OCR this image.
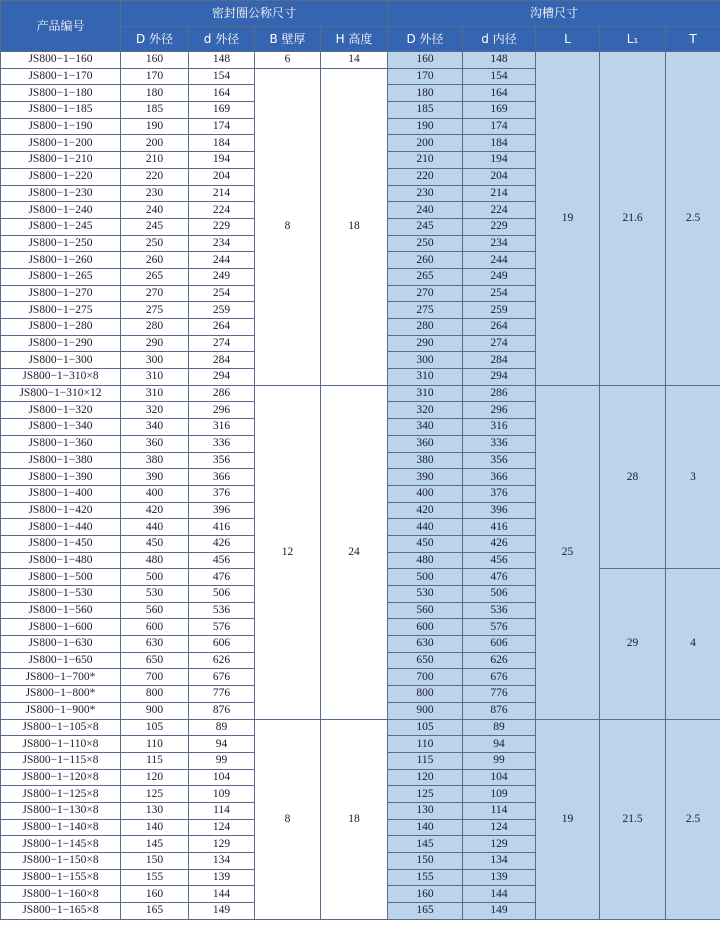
产品编号	密封圈公称尺寸				沟槽尺寸				
	D 外径	d 外径	B 壁厚	H 高度	D 外径	d 内径	L	L₁	T
JS800−1−160	160	148	6	14	160	148	19	21.6	2.5
JS800−1−170	170	154	8	18	170	154			
JS800−1−180	180	164			180	164			
JS800−1−185	185	169			185	169			
JS800−1−190	190	174			190	174			
JS800−1−200	200	184			200	184			
JS800−1−210	210	194			210	194			
JS800−1−220	220	204			220	204			
JS800−1−230	230	214			230	214			
JS800−1−240	240	224			240	224			
JS800−1−245	245	229			245	229			
JS800−1−250	250	234			250	234			
JS800−1−260	260	244			260	244			
JS800−1−265	265	249			265	249			
JS800−1−270	270	254			270	254			
JS800−1−275	275	259			275	259			
JS800−1−280	280	264			280	264			
JS800−1−290	290	274			290	274			
JS800−1−300	300	284			300	284			
JS800−1−310×8	310	294			310	294			
JS800−1−310×12	310	286	12	24	310	286	25	28	3
JS800−1−320	320	296			320	296			
JS800−1−340	340	316			340	316			
JS800−1−360	360	336			360	336			
JS800−1−380	380	356			380	356			
JS800−1−390	390	366			390	366			
JS800−1−400	400	376			400	376			
JS800−1−420	420	396			420	396			
JS800−1−440	440	416			440	416			
JS800−1−450	450	426			450	426			
JS800−1−480	480	456			480	456			
JS800−1−500	500	476			500	476		29	4
JS800−1−530	530	506			530	506			
JS800−1−560	560	536			560	536			
JS800−1−600	600	576			600	576			
JS800−1−630	630	606			630	606			
JS800−1−650	650	626			650	626			
JS800−1−700*	700	676			700	676			
JS800−1−800*	800	776			800	776			
JS800−1−900*	900	876			900	876			
JS800−1−105×8	105	89	8	18	105	89	19	21.5	2.5
JS800−1−110×8	110	94			110	94			
JS800−1−115×8	115	99			115	99			
JS800−1−120×8	120	104			120	104			
JS800−1−125×8	125	109			125	109			
JS800−1−130×8	130	114			130	114			
JS800−1−140×8	140	124			140	124			
JS800−1−145×8	145	129			145	129			
JS800−1−150×8	150	134			150	134			
JS800−1−155×8	155	139			155	139			
JS800−1−160×8	160	144			160	144			
JS800−1−165×8	165	149			165	149			
